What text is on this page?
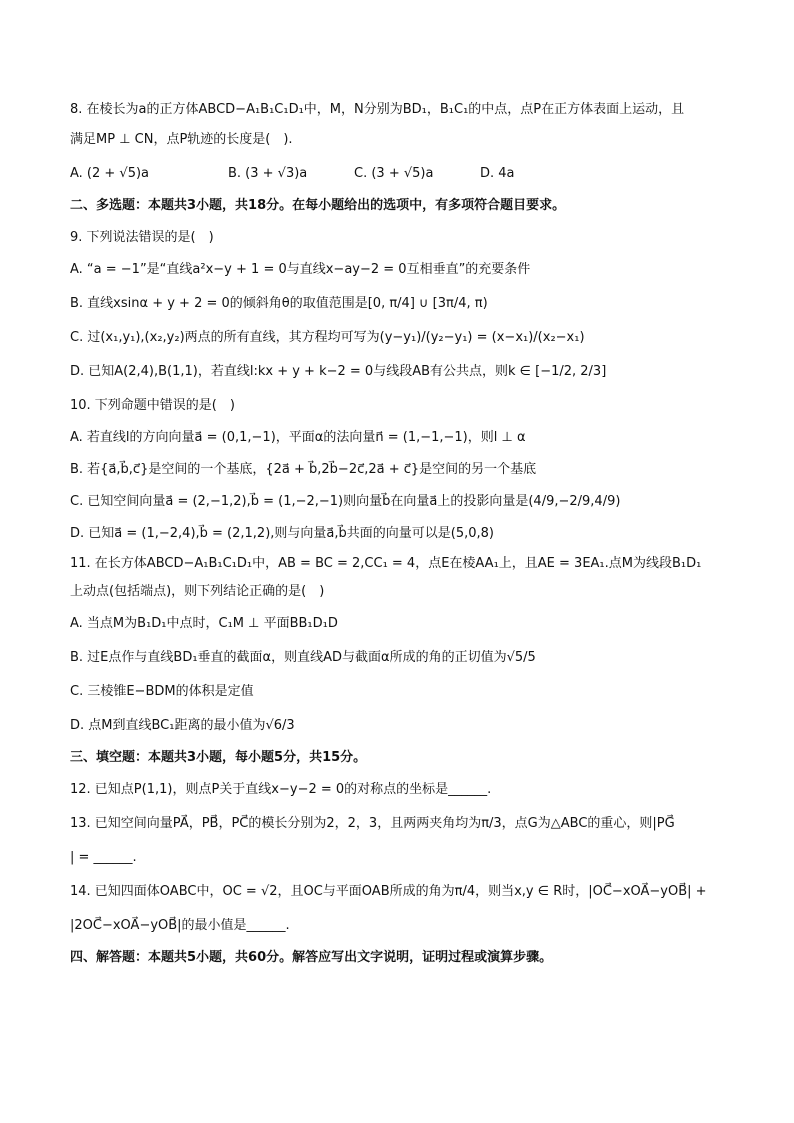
8. 在棱长为a的正方体ABCD−A₁B₁C₁D₁中，M，N分别为BD₁，B₁C₁的中点，点P在正方体表面上运动，且
满足MP ⊥ CN，点P轨迹的长度是(　).
A. (2 + √5)a	B. (3 + √3)a	C. (3 + √5)a	D. 4a
二、多选题：本题共3小题，共18分。在每小题给出的选项中，有多项符合题目要求。
9. 下列说法错误的是(　)
A. “a = −1”是“直线a²x−y + 1 = 0与直线x−ay−2 = 0互相垂直”的充要条件
B. 直线xsinα + y + 2 = 0的倾斜角θ的取值范围是[0, π/4] ∪ [3π/4, π)
C. 过(x₁,y₁),(x₂,y₂)两点的所有直线，其方程均可写为(y−y₁)/(y₂−y₁) = (x−x₁)/(x₂−x₁)
D. 已知A(2,4),B(1,1)，若直线l:kx + y + k−2 = 0与线段AB有公共点，则k ∈ [−1/2, 2/3]
10. 下列命题中错误的是(　)
A. 若直线l的方向向量a⃗ = (0,1,−1)，平面α的法向量n⃗ = (1,−1,−1)，则l ⊥ α
B. 若{a⃗,b⃗,c⃗}是空间的一个基底，{2a⃗ + b⃗,2b⃗−2c⃗,2a⃗ + c⃗}是空间的另一个基底
C. 已知空间向量a⃗ = (2,−1,2),b⃗ = (1,−2,−1)则向量b⃗在向量a⃗上的投影向量是(4/9,−2/9,4/9)
D. 已知a⃗ = (1,−2,4),b⃗ = (2,1,2),则与向量a⃗,b⃗共面的向量可以是(5,0,8)
11. 在长方体ABCD−A₁B₁C₁D₁中，AB = BC = 2,CC₁ = 4，点E在棱AA₁上，且AE = 3EA₁.点M为线段B₁D₁
上动点(包括端点)，则下列结论正确的是(　)
A. 当点M为B₁D₁中点时，C₁M ⊥ 平面BB₁D₁D
B. 过E点作与直线BD₁垂直的截面α，则直线AD与截面α所成的角的正切值为√5/5
C. 三棱锥E−BDM的体积是定值
D. 点M到直线BC₁距离的最小值为√6/3
三、填空题：本题共3小题，每小题5分，共15分。
12. 已知点P(1,1)，则点P关于直线x−y−2 = 0的对称点的坐标是______.
13. 已知空间向量PA⃗，PB⃗，PC⃗的模长分别为2，2，3，且两两夹角均为π/3，点G为△ABC的重心，则|PG⃗
| = ______.
14. 已知四面体OABC中，OC = √2，且OC与平面OAB所成的角为π/4，则当x,y ∈ R时，|OC⃗−xOA⃗−yOB⃗| +
|2OC⃗−xOA⃗−yOB⃗|的最小值是______.
四、解答题：本题共5小题，共60分。解答应写出文字说明，证明过程或演算步骤。
